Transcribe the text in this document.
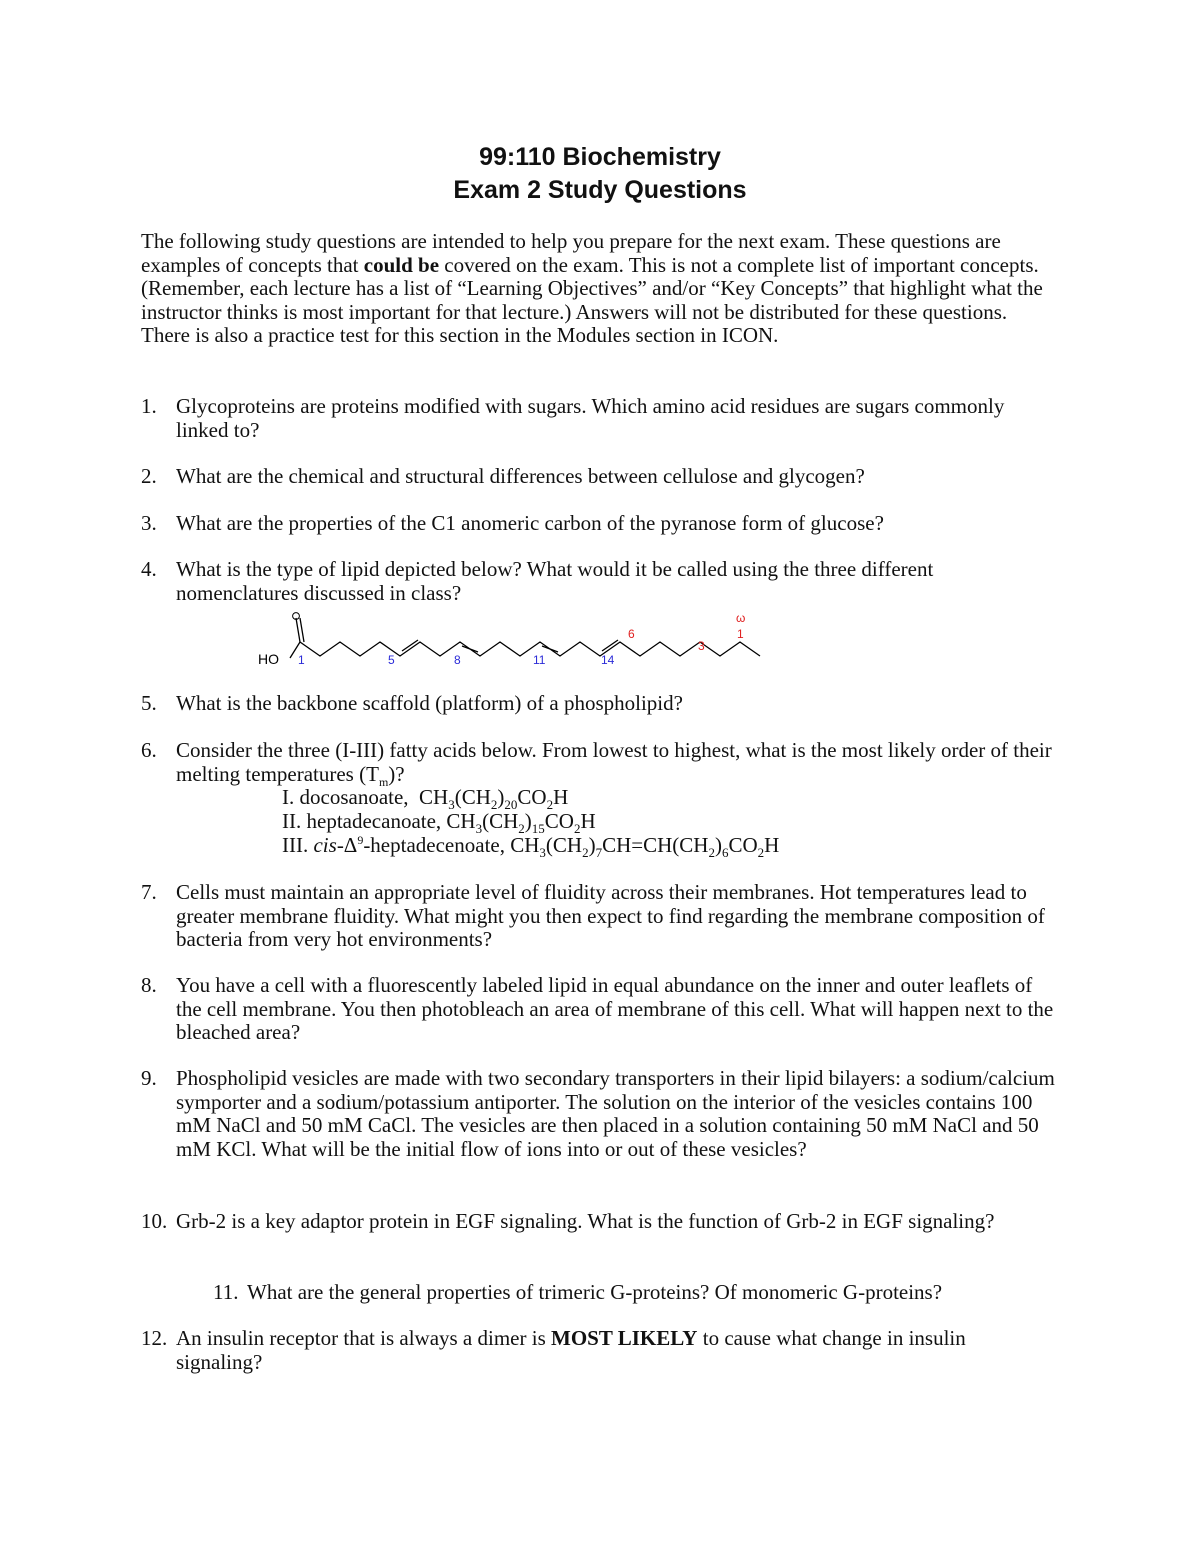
99:110 Biochemistry
Exam 2 Study Questions
The following study questions are intended to help you prepare for the next exam. These questions are examples of concepts that could be covered on the exam. This is not a complete list of important concepts. (Remember, each lecture has a list of “Learning Objectives” and/or “Key Concepts” that highlight what the instructor thinks is most important for that lecture.) Answers will not be distributed for these questions. There is also a practice test for this section in the Modules section in ICON.
1. Glycoproteins are proteins modified with sugars. Which amino acid residues are sugars commonly linked to?
2. What are the chemical and structural differences between cellulose and glycogen?
3. What are the properties of the C1 anomeric carbon of the pyranose form of glucose?
4. What is the type of lipid depicted below? What would it be called using the three different nomenclatures discussed in class?
HO 1	5	8	11	14
ω
1
3
6
5. What is the backbone scaffold (platform) of a phospholipid?
6. Consider the three (I-III) fatty acids below. From lowest to highest, what is the most likely order of their melting temperatures $(T_m)$?
I. docosanoate, $CH_3(CH_2)_{20}CO_2H$
II. heptadecanoate, $CH_3(CH_2)_{15}CO_2H$
III. cis-$\Delta^9$-heptadecenoate, $CH_3(CH_2)_7CH=CH(CH_2)_6CO_2H$
7. Cells must maintain an appropriate level of fluidity across their membranes. Hot temperatures lead to greater membrane fluidity. What might you then expect to find regarding the membrane composition of bacteria from very hot environments?
8. You have a cell with a fluorescently labeled lipid in equal abundance on the inner and outer leaflets of the cell membrane. You then photobleach an area of membrane of this cell. What will happen next to the bleached area?
9. Phospholipid vesicles are made with two secondary transporters in their lipid bilayers: a sodium/calcium symporter and a sodium/potassium antiporter. The solution on the interior of the vesicles contains 100 mM NaCl and 50 mM CaCl. The vesicles are then placed in a solution containing 50 mM NaCl and 50 mM KCl. What will be the initial flow of ions into or out of these vesicles?
10. Grb-2 is a key adaptor protein in EGF signaling. What is the function of Grb-2 in EGF signaling?
11. What are the general properties of trimeric G-proteins? Of monomeric G-proteins?
12. An insulin receptor that is always a dimer is MOST LIKELY to cause what change in insulin signaling?
